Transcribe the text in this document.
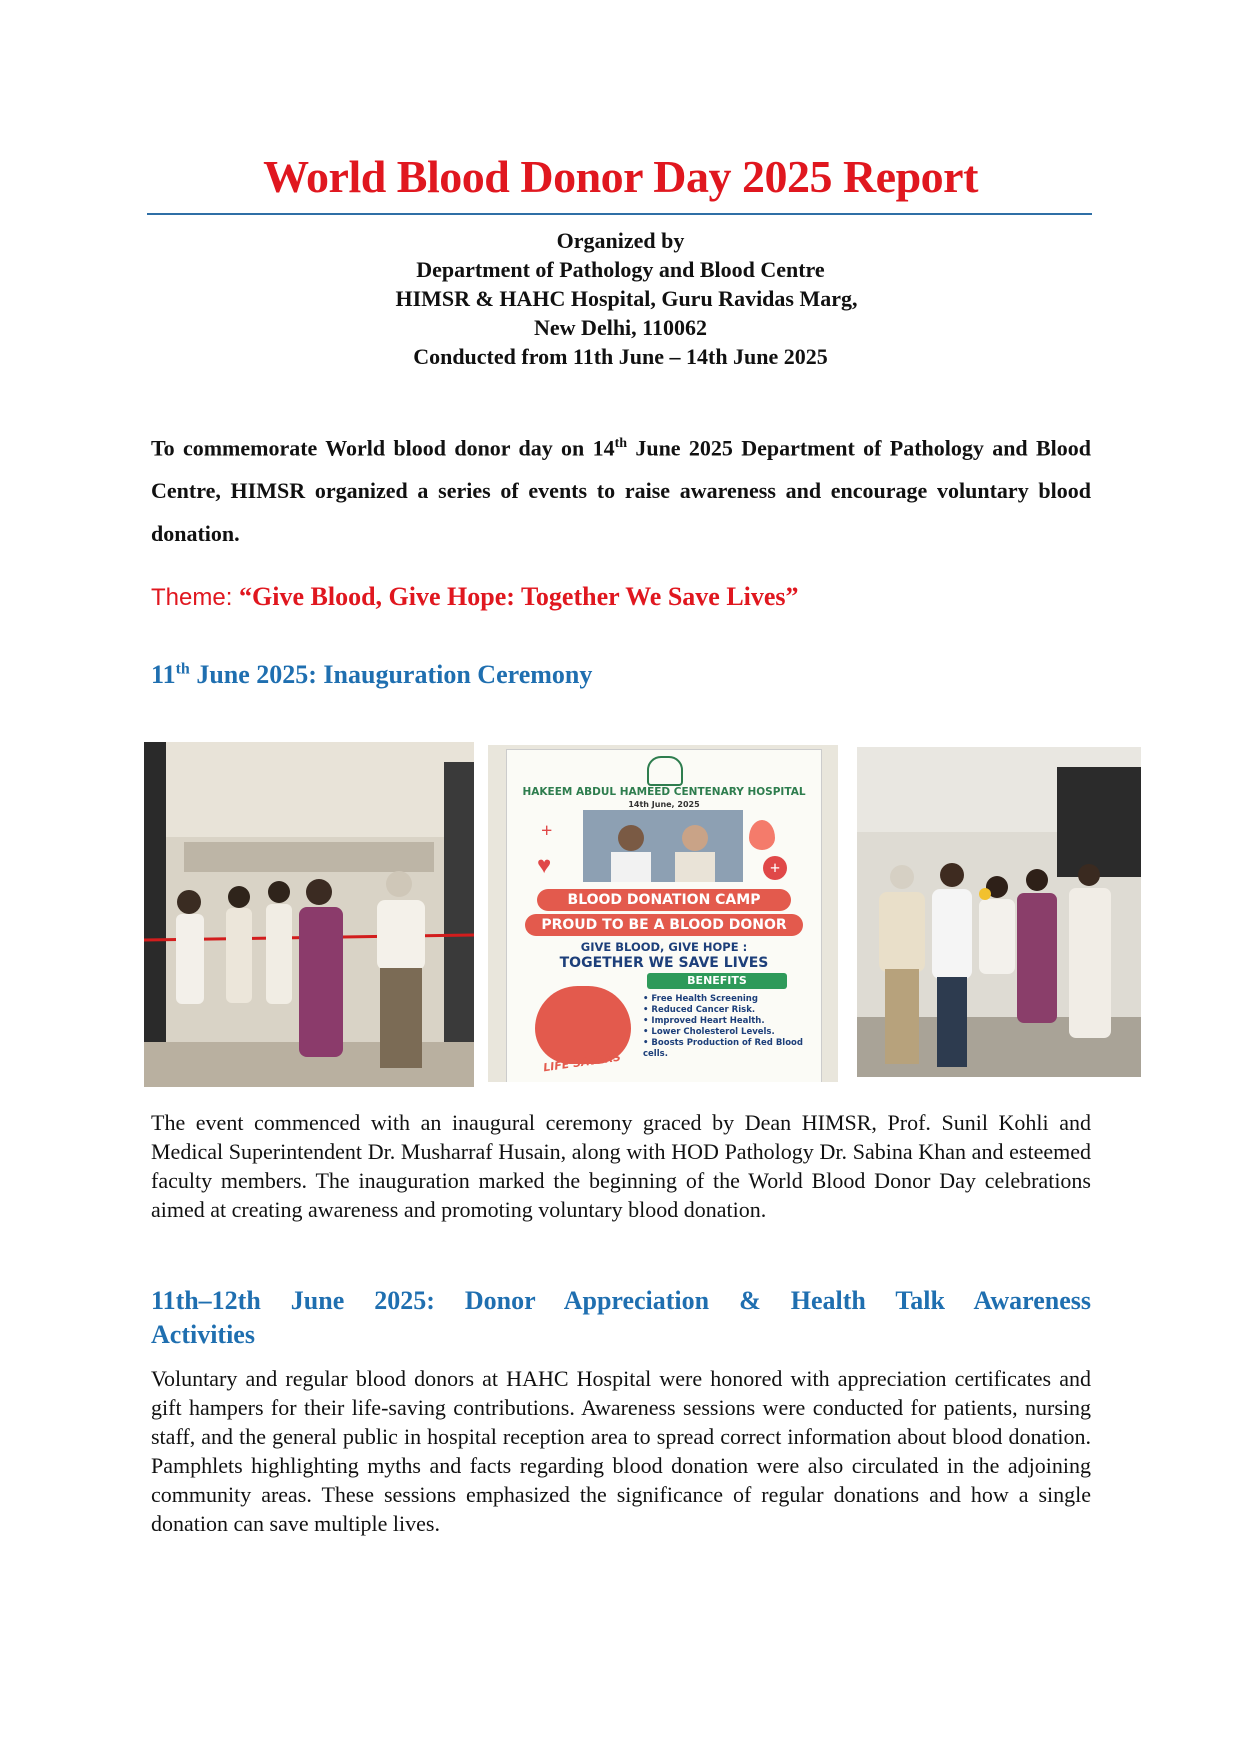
World Blood Donor Day 2025 Report
Organized by
Department of Pathology and Blood Centre
HIMSR & HAHC Hospital, Guru Ravidas Marg,
New Delhi, 110062
Conducted from 11th June – 14th June 2025
To commemorate World blood donor day on 14th June 2025 Department of Pathology and Blood Centre, HIMSR organized a series of events to raise awareness and encourage voluntary blood donation.
Theme: “Give Blood, Give Hope: Together We Save Lives”
11th June 2025: Inauguration Ceremony
HAKEEM ABDUL HAMEED CENTENARY HOSPITAL
14th June, 2025
♥
+
+
BLOOD DONATION CAMP
PROUD TO BE A BLOOD DONOR
GIVE BLOOD, GIVE HOPE :
TOGETHER WE SAVE LIVES
BENEFITS
LIFE SAVERS
• Free Health Screening
• Reduced Cancer Risk.
• Improved Heart Health.
• Lower Cholesterol Levels.
• Boosts Production of Red Blood cells.
The event commenced with an inaugural ceremony graced by Dean HIMSR, Prof. Sunil Kohli and Medical Superintendent Dr. Musharraf Husain, along with HOD Pathology Dr. Sabina Khan and esteemed faculty members. The inauguration marked the beginning of the World Blood Donor Day celebrations aimed at creating awareness and promoting voluntary blood donation.
11th–12th June 2025: Donor Appreciation & Health Talk Awareness
Activities
Voluntary and regular blood donors at HAHC Hospital were honored with appreciation certificates and gift hampers for their life-saving contributions. Awareness sessions were conducted for patients, nursing staff, and the general public in hospital reception area to spread correct information about blood donation. Pamphlets highlighting myths and facts regarding blood donation were also circulated in the adjoining community areas. These sessions emphasized the significance of regular donations and how a single donation can save multiple lives.
